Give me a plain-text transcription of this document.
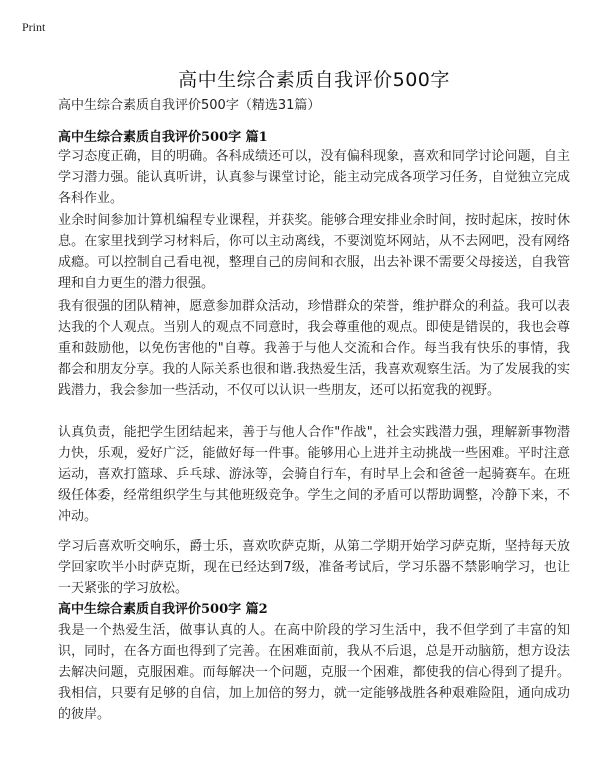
Print
高中生综合素质自我评价500字
高中生综合素质自我评价500字（精选31篇）
高中生综合素质自我评价500字 篇1

学习态度正确，目的明确。各科成绩还可以，没有偏科现象，喜欢和同学讨论问题，自主学习潜力强。能认真听讲，认真参与课堂讨论，能主动完成各项学习任务，自觉独立完成各科作业。

业余时间参加计算机编程专业课程，并获奖。能够合理安排业余时间，按时起床，按时休息。在家里找到学习材料后，你可以主动离线，不要浏览坏网站，从不去网吧，没有网络成瘾。可以控制自己看电视，整理自己的房间和衣服，出去补课不需要父母接送，自我管理和自力更生的潜力很强。

我有很强的团队精神，愿意参加群众活动，珍惜群众的荣誉，维护群众的利益。我可以表达我的个人观点。当别人的观点不同意时，我会尊重他的观点。即使是错误的，我也会尊重和鼓励他，以免伤害他的"自尊。我善于与他人交流和合作。每当我有快乐的事情，我都会和朋友分享。我的人际关系也很和谐.我热爱生活，我喜欢观察生活。为了发展我的实践潜力，我会参加一些活动，不仅可以认识一些朋友，还可以拓宽我的视野。

认真负责，能把学生团结起来，善于与他人合作"作战"，社会实践潜力强，理解新事物潜力快，乐观，爱好广泛，能做好每一件事。能够用心上进并主动挑战一些困难。平时注意运动，喜欢打篮球、乒乓球、游泳等，会骑自行车，有时早上会和爸爸一起骑赛车。在班级任体委，经常组织学生与其他班级竞争。学生之间的矛盾可以帮助调整，冷静下来，不冲动。

学习后喜欢听交响乐，爵士乐，喜欢吹萨克斯，从第二学期开始学习萨克斯，坚持每天放学回家吹半小时萨克斯，现在已经达到7级，准备考试后，学习乐器不禁影响学习，也让一天紧张的学习放松。

高中生综合素质自我评价500字 篇2

我是一个热爱生活，做事认真的人。在高中阶段的学习生活中，我不但学到了丰富的知识，同时，在各方面也得到了完善。在困难面前，我从不后退，总是开动脑筋，想方设法去解决问题，克服困难。而每解决一个问题，克服一个困难，都使我的信心得到了提升。我相信，只要有足够的自信，加上加倍的努力，就一定能够战胜各种艰难险阻，通向成功的彼岸。
